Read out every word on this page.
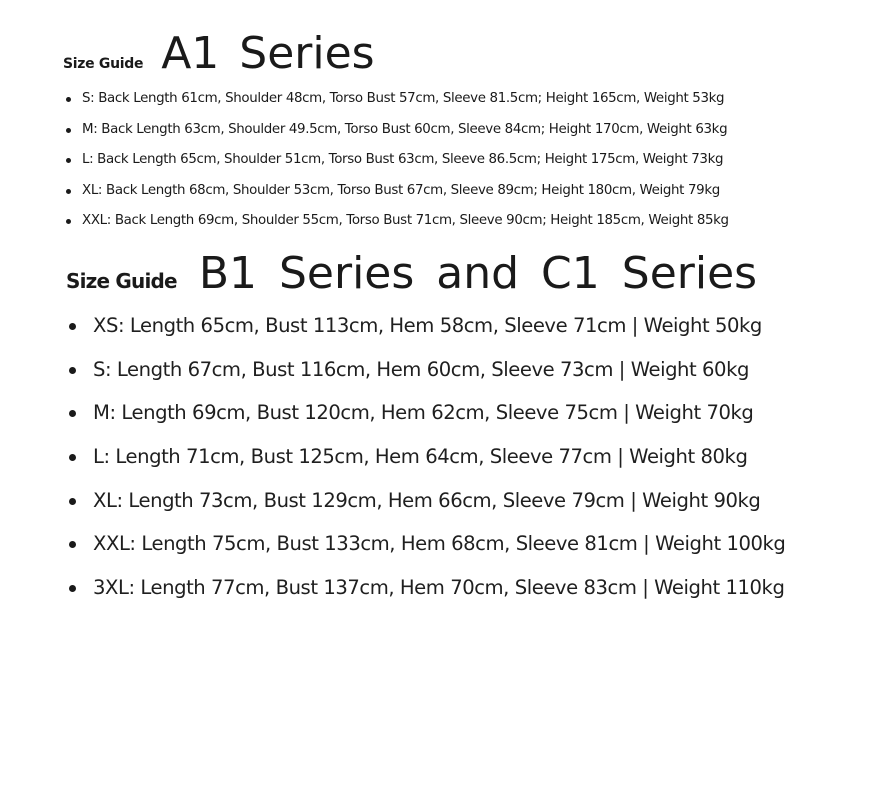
Size Guide A1 Series
S: Back Length 61cm, Shoulder 48cm, Torso Bust 57cm, Sleeve 81.5cm; Height 165cm, Weight 53kg
M: Back Length 63cm, Shoulder 49.5cm, Torso Bust 60cm, Sleeve 84cm; Height 170cm, Weight 63kg
L: Back Length 65cm, Shoulder 51cm, Torso Bust 63cm, Sleeve 86.5cm; Height 175cm, Weight 73kg
XL: Back Length 68cm, Shoulder 53cm, Torso Bust 67cm, Sleeve 89cm; Height 180cm, Weight 79kg
XXL: Back Length 69cm, Shoulder 55cm, Torso Bust 71cm, Sleeve 90cm; Height 185cm, Weight 85kg
Size Guide B1 Series and C1 Series
XS: Length 65cm, Bust 113cm, Hem 58cm, Sleeve 71cm | Weight 50kg
S: Length 67cm, Bust 116cm, Hem 60cm, Sleeve 73cm | Weight 60kg
M: Length 69cm, Bust 120cm, Hem 62cm, Sleeve 75cm | Weight 70kg
L: Length 71cm, Bust 125cm, Hem 64cm, Sleeve 77cm | Weight 80kg
XL: Length 73cm, Bust 129cm, Hem 66cm, Sleeve 79cm | Weight 90kg
XXL: Length 75cm, Bust 133cm, Hem 68cm, Sleeve 81cm | Weight 100kg
3XL: Length 77cm, Bust 137cm, Hem 70cm, Sleeve 83cm | Weight 110kg
